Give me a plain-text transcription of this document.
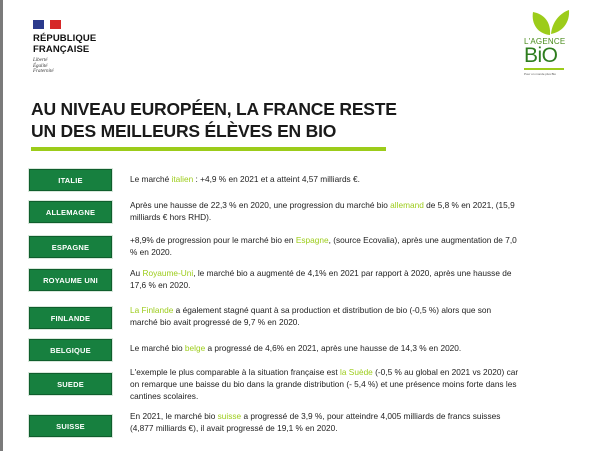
RÉPUBLIQUE
FRANÇAISE
Liberté
Égalité
Fraternité
L'AGENCE
BiO
Pour un monde plus Bio
AU NIVEAU EUROPÉEN, LA FRANCE RESTE
UN DES MEILLEURS ÉLÈVES EN BIO
ITALIE	Le marché italien : +4,9 % en 2021 et a atteint 4,57 milliards €.
ALLEMAGNE
Après une hausse de 22,3 % en 2020, une progression du marché bio allemand de 5,8 % en 2021, (15,9 milliards € hors RHD).
ESPAGNE
+8,9% de progression pour le marché bio en Espagne, (source Ecovalia), après une augmentation de 7,0 % en 2020.
ROYAUME UNI
Au Royaume-Uni, le marché bio a augmenté de 4,1% en 2021 par rapport à 2020, après une hausse de 17,6 % en 2020.
FINLANDE
La Finlande a également stagné quant à sa production et distribution de bio (-0,5 %) alors que son marché bio avait progressé de 9,7 % en 2020.
BELGIQUE	Le marché bio belge a progressé de 4,6% en 2021, après une hausse de 14,3 % en 2020.
SUEDE
L'exemple le plus comparable à la situation française est la Suède (-0,5 % au global en 2021 vs 2020) car on remarque une baisse du bio dans la grande distribution (- 5,4 %) et une présence moins forte dans les cantines scolaires.
SUISSE
En 2021, le marché bio suisse a progressé de 3,9 %, pour atteindre 4,005 milliards de francs suisses (4,877 milliards €), il avait progressé de 19,1 % en 2020.
